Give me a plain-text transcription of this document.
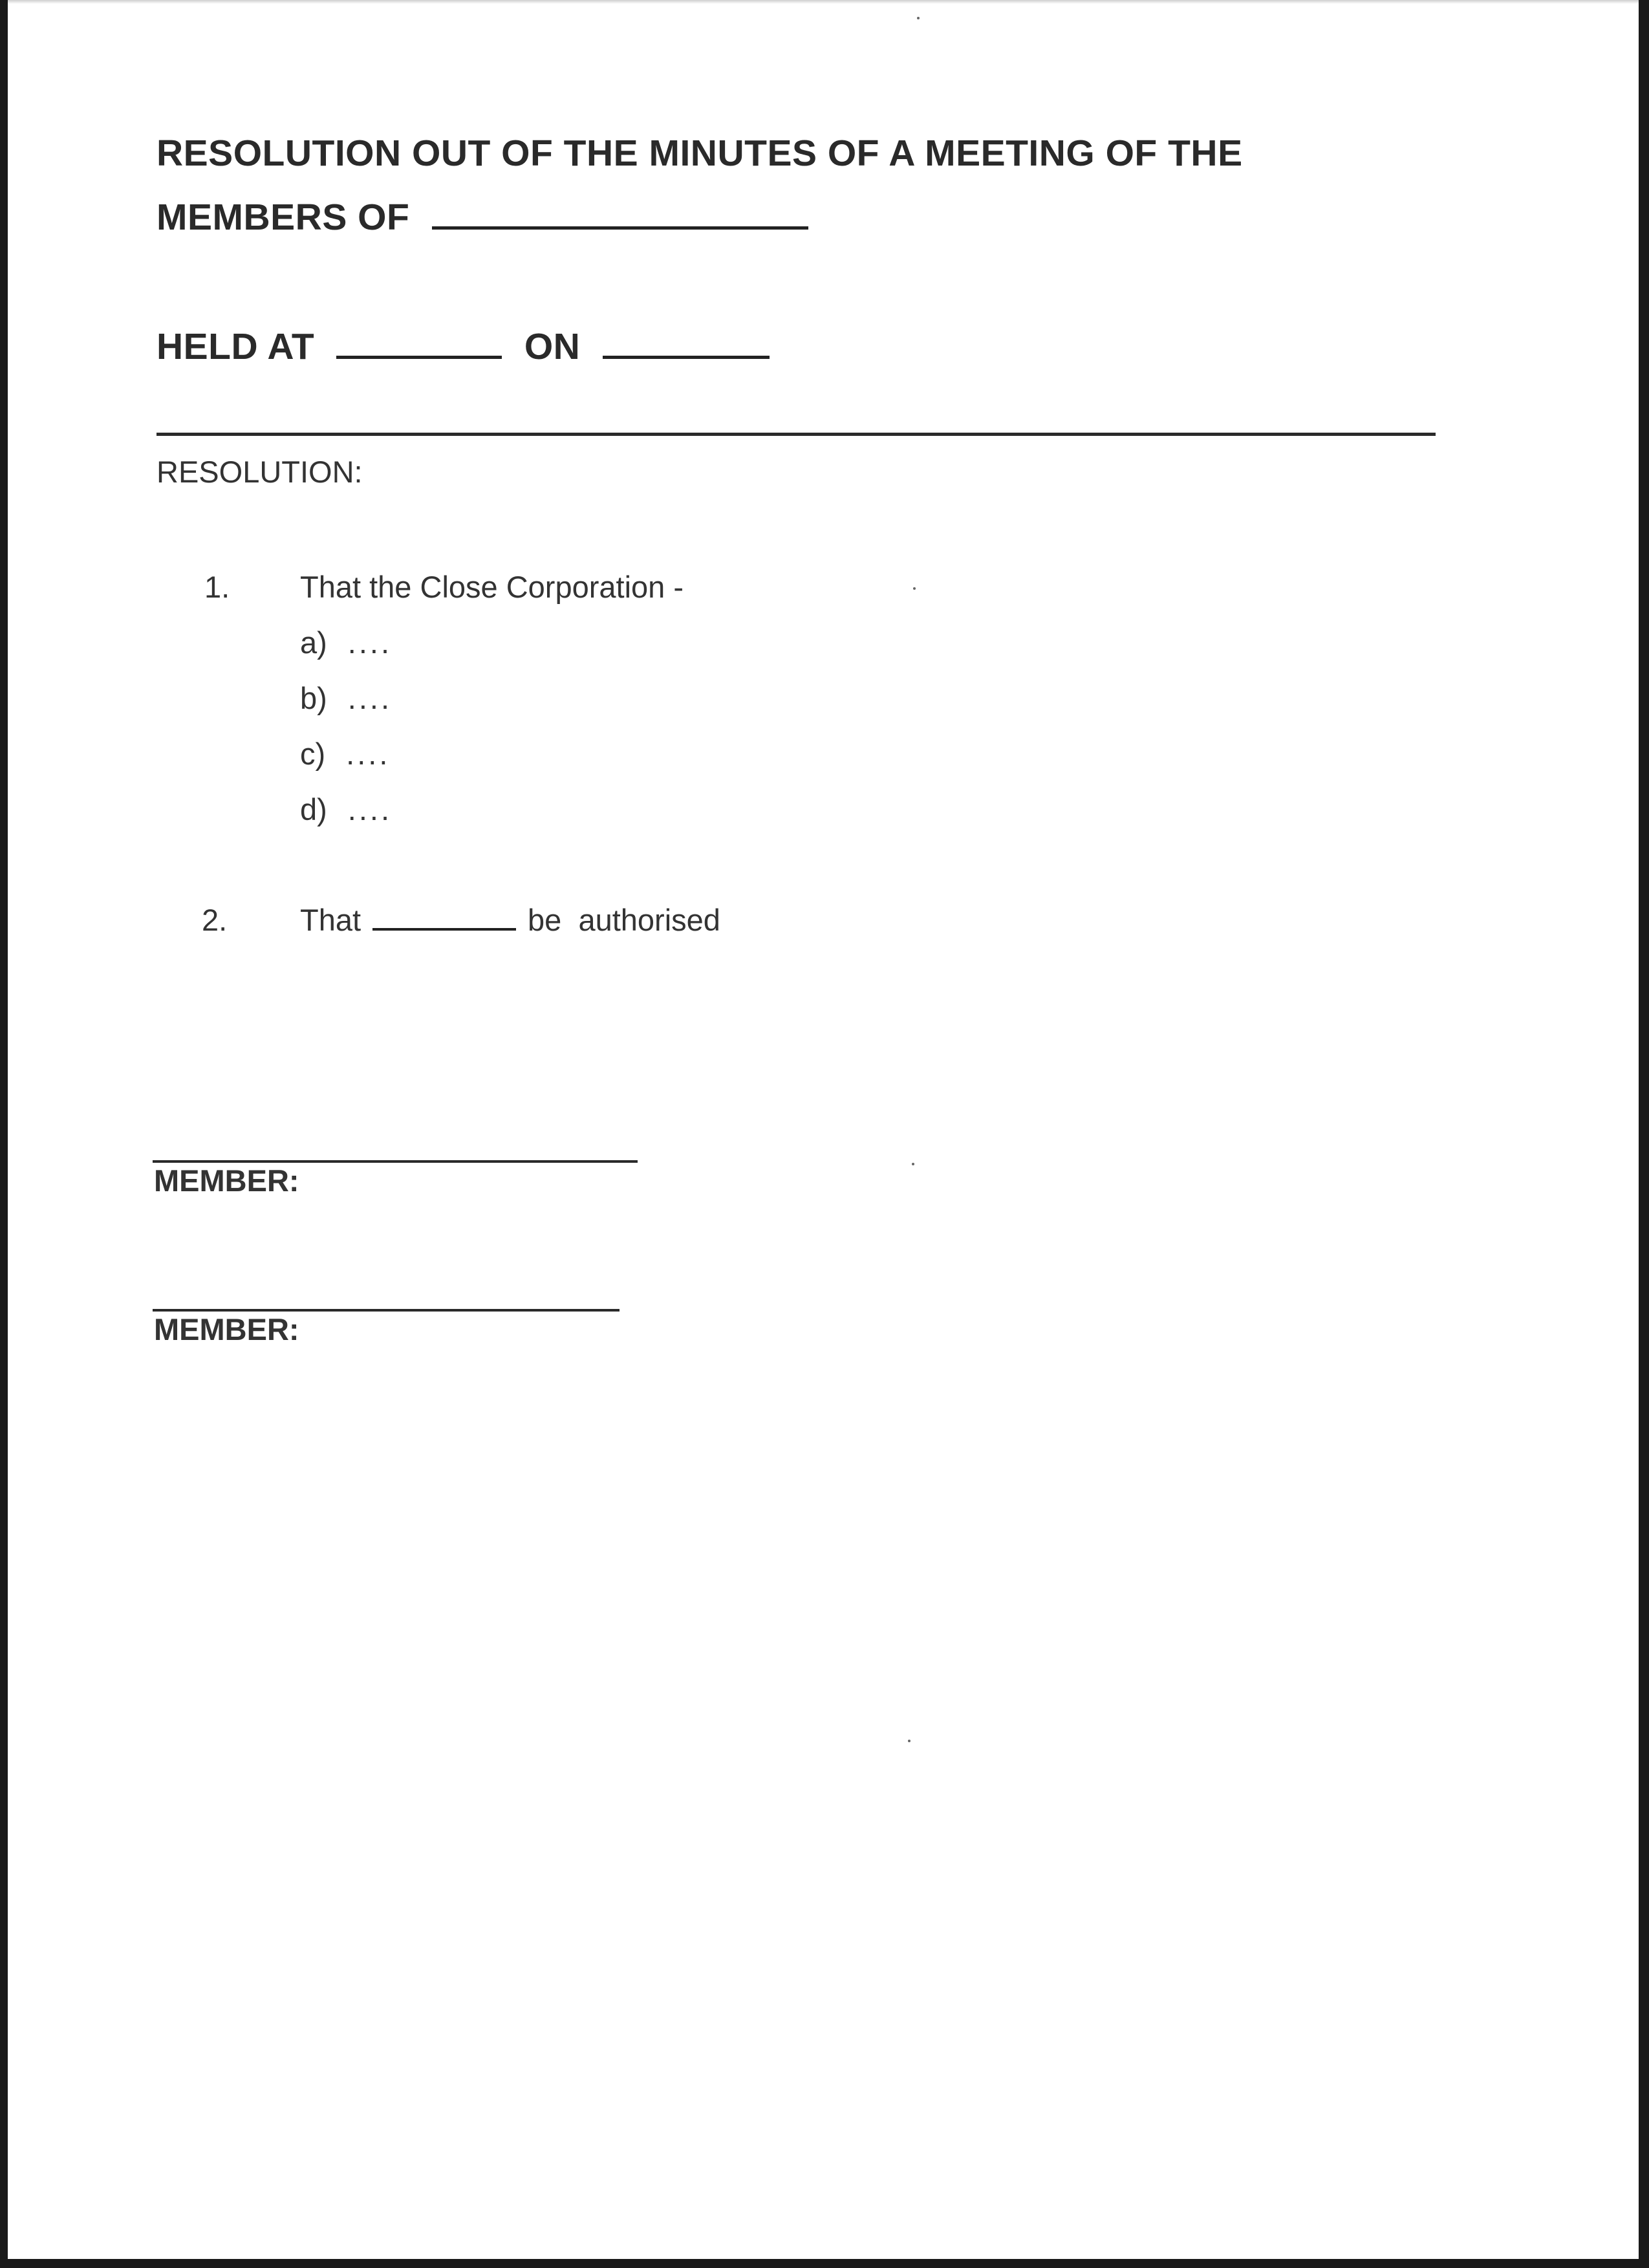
RESOLUTION OUT OF THE MINUTES OF A MEETING OF THE
MEMBERS OF
HELD AT	ON
RESOLUTION:
1. That the Close Corporation -
a) ....
b) ....
c) ....
d) ....
2. That	be  authorised
MEMBER:
MEMBER:
